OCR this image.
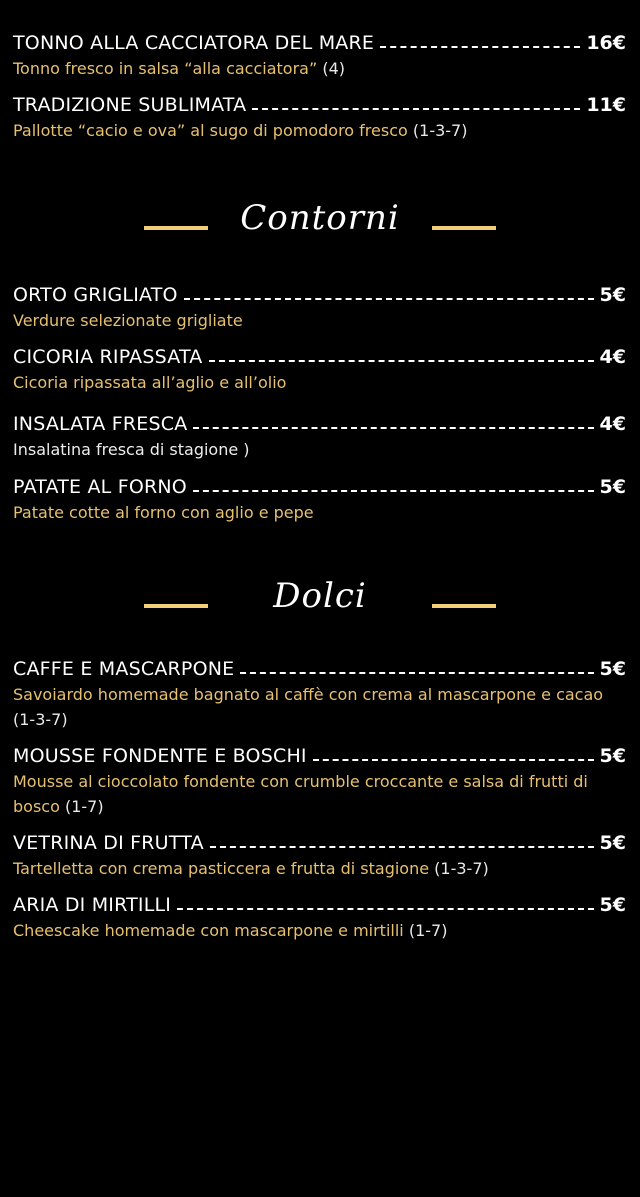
TONNO ALLA CACCIATORA DEL MARE	16€
Tonno fresco in salsa “alla cacciatora” (4)
TRADIZIONE SUBLIMATA	11€
Pallotte “cacio e ova” al sugo di pomodoro fresco (1-3-7)
Contorni
ORTO GRIGLIATO	5€
Verdure selezionate grigliate
CICORIA RIPASSATA	4€
Cicoria ripassata all’aglio e all’olio
INSALATA FRESCA	4€
Insalatina fresca di stagione )
PATATE AL FORNO	5€
Patate cotte al forno con aglio e pepe
Dolci
CAFFE E MASCARPONE	5€
Savoiardo homemade bagnato al caffè con crema al mascarpone e cacao (1-3-7)
MOUSSE FONDENTE E BOSCHI	5€
Mousse al cioccolato fondente con crumble croccante e salsa di frutti di bosco (1-7)
VETRINA DI FRUTTA	5€
Tartelletta con crema pasticcera e frutta di stagione (1-3-7)
ARIA DI MIRTILLI	5€
Cheescake homemade con mascarpone e mirtilli (1-7)
